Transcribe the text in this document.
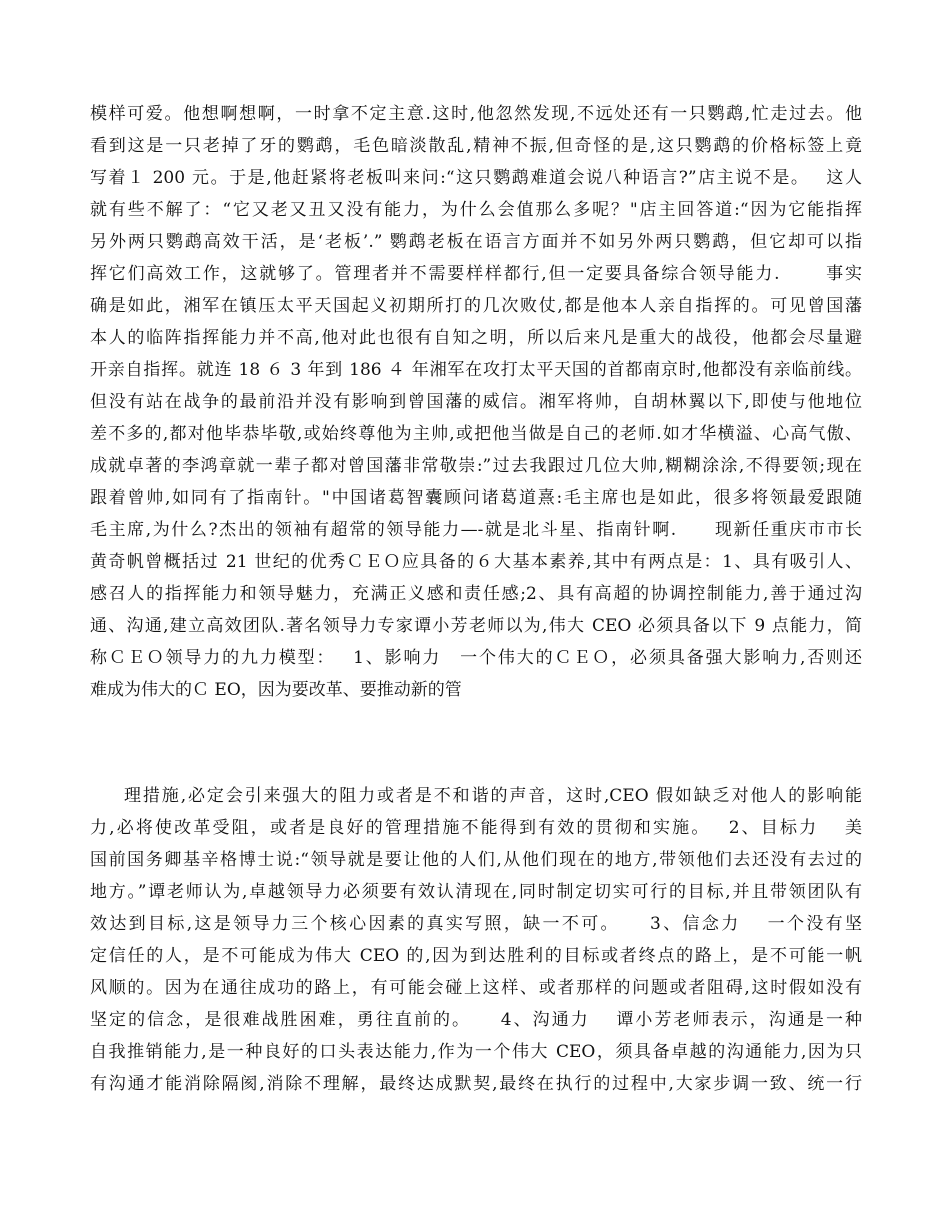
模样可爱。他想啊想啊，一时拿不定主意.这时,他忽然发现,不远处还有一只鹦鹉,忙走过去。他
看到这是一只老掉了牙的鹦鹉，毛色暗淡散乱,精神不振,但奇怪的是,这只鹦鹉的价格标签上竟
写着１ 200 元。于是,他赶紧将老板叫来问:“这只鹦鹉难道会说八种语言?”店主说不是。　 这人
就有些不解了：“它又老又丑又没有能力，为什么会值那么多呢？"店主回答道:“因为它能指挥
另外两只鹦鹉高效干活，是‘老板’.” 鹦鹉老板在语言方面并不如另外两只鹦鹉，但它却可以指
挥它们高效工作，这就够了。管理者并不需要样样都行,但一定要具备综合领导能力.　　 事实
确是如此，湘军在镇压太平天国起义初期所打的几次败仗,都是他本人亲自指挥的。可见曾国藩
本人的临阵指挥能力并不高,他对此也很有自知之明，所以后来凡是重大的战役，他都会尽量避
开亲自指挥。就连 18 ６ 3 年到 186 ４ 年湘军在攻打太平天国的首都南京时,他都没有亲临前线。
但没有站在战争的最前沿并没有影响到曾国藩的威信。湘军将帅，自胡林翼以下,即使与他地位
差不多的,都对他毕恭毕敬,或始终尊他为主帅,或把他当做是自己的老师.如才华横溢、心高气傲、
成就卓著的李鸿章就一辈子都对曾国藩非常敬崇:”过去我跟过几位大帅,糊糊涂涂,不得要领;现在
跟着曾帅,如同有了指南针。"中国诸葛智囊顾问诸葛道熹:毛主席也是如此，很多将领最爱跟随
毛主席,为什么?杰出的领袖有超常的领导能力—-就是北斗星、指南针啊.　　现新任重庆市市长
黄奇帆曾概括过 21 世纪的优秀ＣＥＯ应具备的６大基本素养,其中有两点是：1、具有吸引人、
感召人的指挥能力和领导魅力，充满正义感和责任感;2、具有高超的协调控制能力,善于通过沟
通、沟通,建立高效团队.著名领导力专家谭小芳老师以为,伟大 CEO 必须具备以下 9 点能力，简
称ＣＥＯ领导力的九力模型：　 1、影响力　一个伟大的ＣＥＯ，必须具备强大影响力,否则还
难成为伟大的Ｃ EO，因为要改革、要推动新的管
理措施,必定会引来强大的阻力或者是不和谐的声音，这时,CEO 假如缺乏对他人的影响能
力,必将使改革受阻，或者是良好的管理措施不能得到有效的贯彻和实施。　 2、目标力　 美
国前国务卿基辛格博士说:“领导就是要让他的人们,从他们现在的地方,带领他们去还没有去过的
地方。”谭老师认为,卓越领导力必须要有效认清现在,同时制定切实可行的目标,并且带领团队有
效达到目标,这是领导力三个核心因素的真实写照，缺一不可。　　3、信念力　 一个没有坚
定信任的人，是不可能成为伟大 CEO 的,因为到达胜利的目标或者终点的路上，是不可能一帆
风顺的。因为在通往成功的路上，有可能会碰上这样、或者那样的问题或者阻碍,这时假如没有
坚定的信念，是很难战胜困难，勇往直前的。　　4、沟通力　 谭小芳老师表示，沟通是一种
自我推销能力,是一种良好的口头表达能力,作为一个伟大 CEO，须具备卓越的沟通能力,因为只
有沟通才能消除隔阂,消除不理解，最终达成默契,最终在执行的过程中,大家步调一致、统一行
